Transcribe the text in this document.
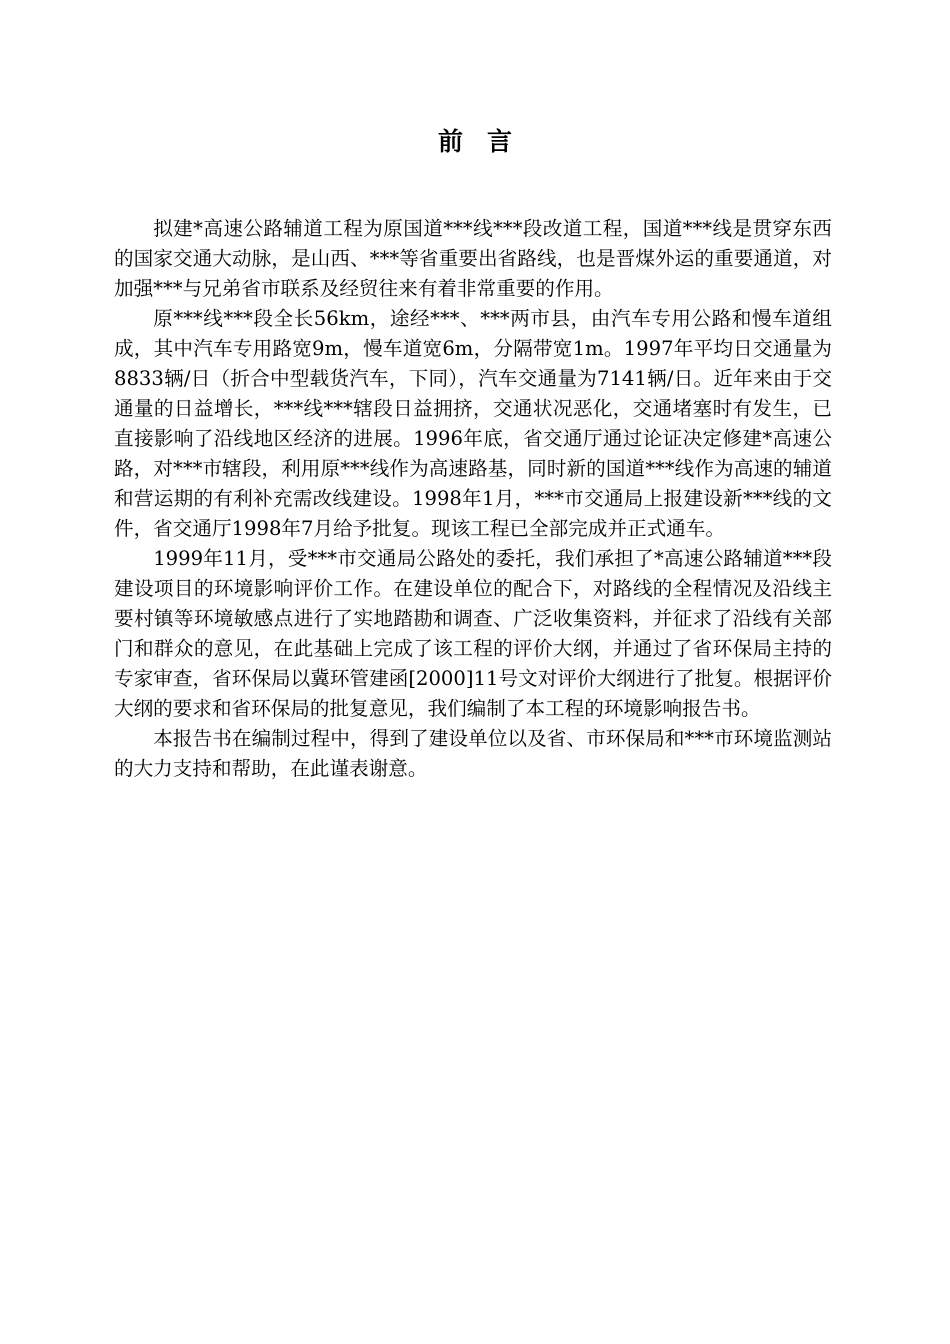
前言

拟建*高速公路辅道工程为原国道***线***段改道工程，国道***线是贯穿东西的国家交通大动脉，是山西、***等省重要出省路线，也是晋煤外运的重要通道，对加强***与兄弟省市联系及经贸往来有着非常重要的作用。

原***线***段全长56km，途经***、***两市县，由汽车专用公路和慢车道组成，其中汽车专用路宽9m，慢车道宽6m，分隔带宽1m。1997年平均日交通量为8833辆/日（折合中型载货汽车，下同），汽车交通量为7141辆/日。近年来由于交通量的日益增长，***线***辖段日益拥挤，交通状况恶化，交通堵塞时有发生，已直接影响了沿线地区经济的进展。1996年底，省交通厅通过论证决定修建*高速公路，对***市辖段，利用原***线作为高速路基，同时新的国道***线作为高速的辅道和营运期的有利补充需改线建设。1998年1月，***市交通局上报建设新***线的文件，省交通厅1998年7月给予批复。现该工程已全部完成并正式通车。

1999年11月，受***市交通局公路处的委托，我们承担了*高速公路辅道***段建设项目的环境影响评价工作。在建设单位的配合下，对路线的全程情况及沿线主要村镇等环境敏感点进行了实地踏勘和调查、广泛收集资料，并征求了沿线有关部门和群众的意见，在此基础上完成了该工程的评价大纲，并通过了省环保局主持的专家审查，省环保局以冀环管建函[2000]11号文对评价大纲进行了批复。根据评价大纲的要求和省环保局的批复意见，我们编制了本工程的环境影响报告书。

本报告书在编制过程中，得到了建设单位以及省、市环保局和***市环境监测站的大力支持和帮助，在此谨表谢意。
